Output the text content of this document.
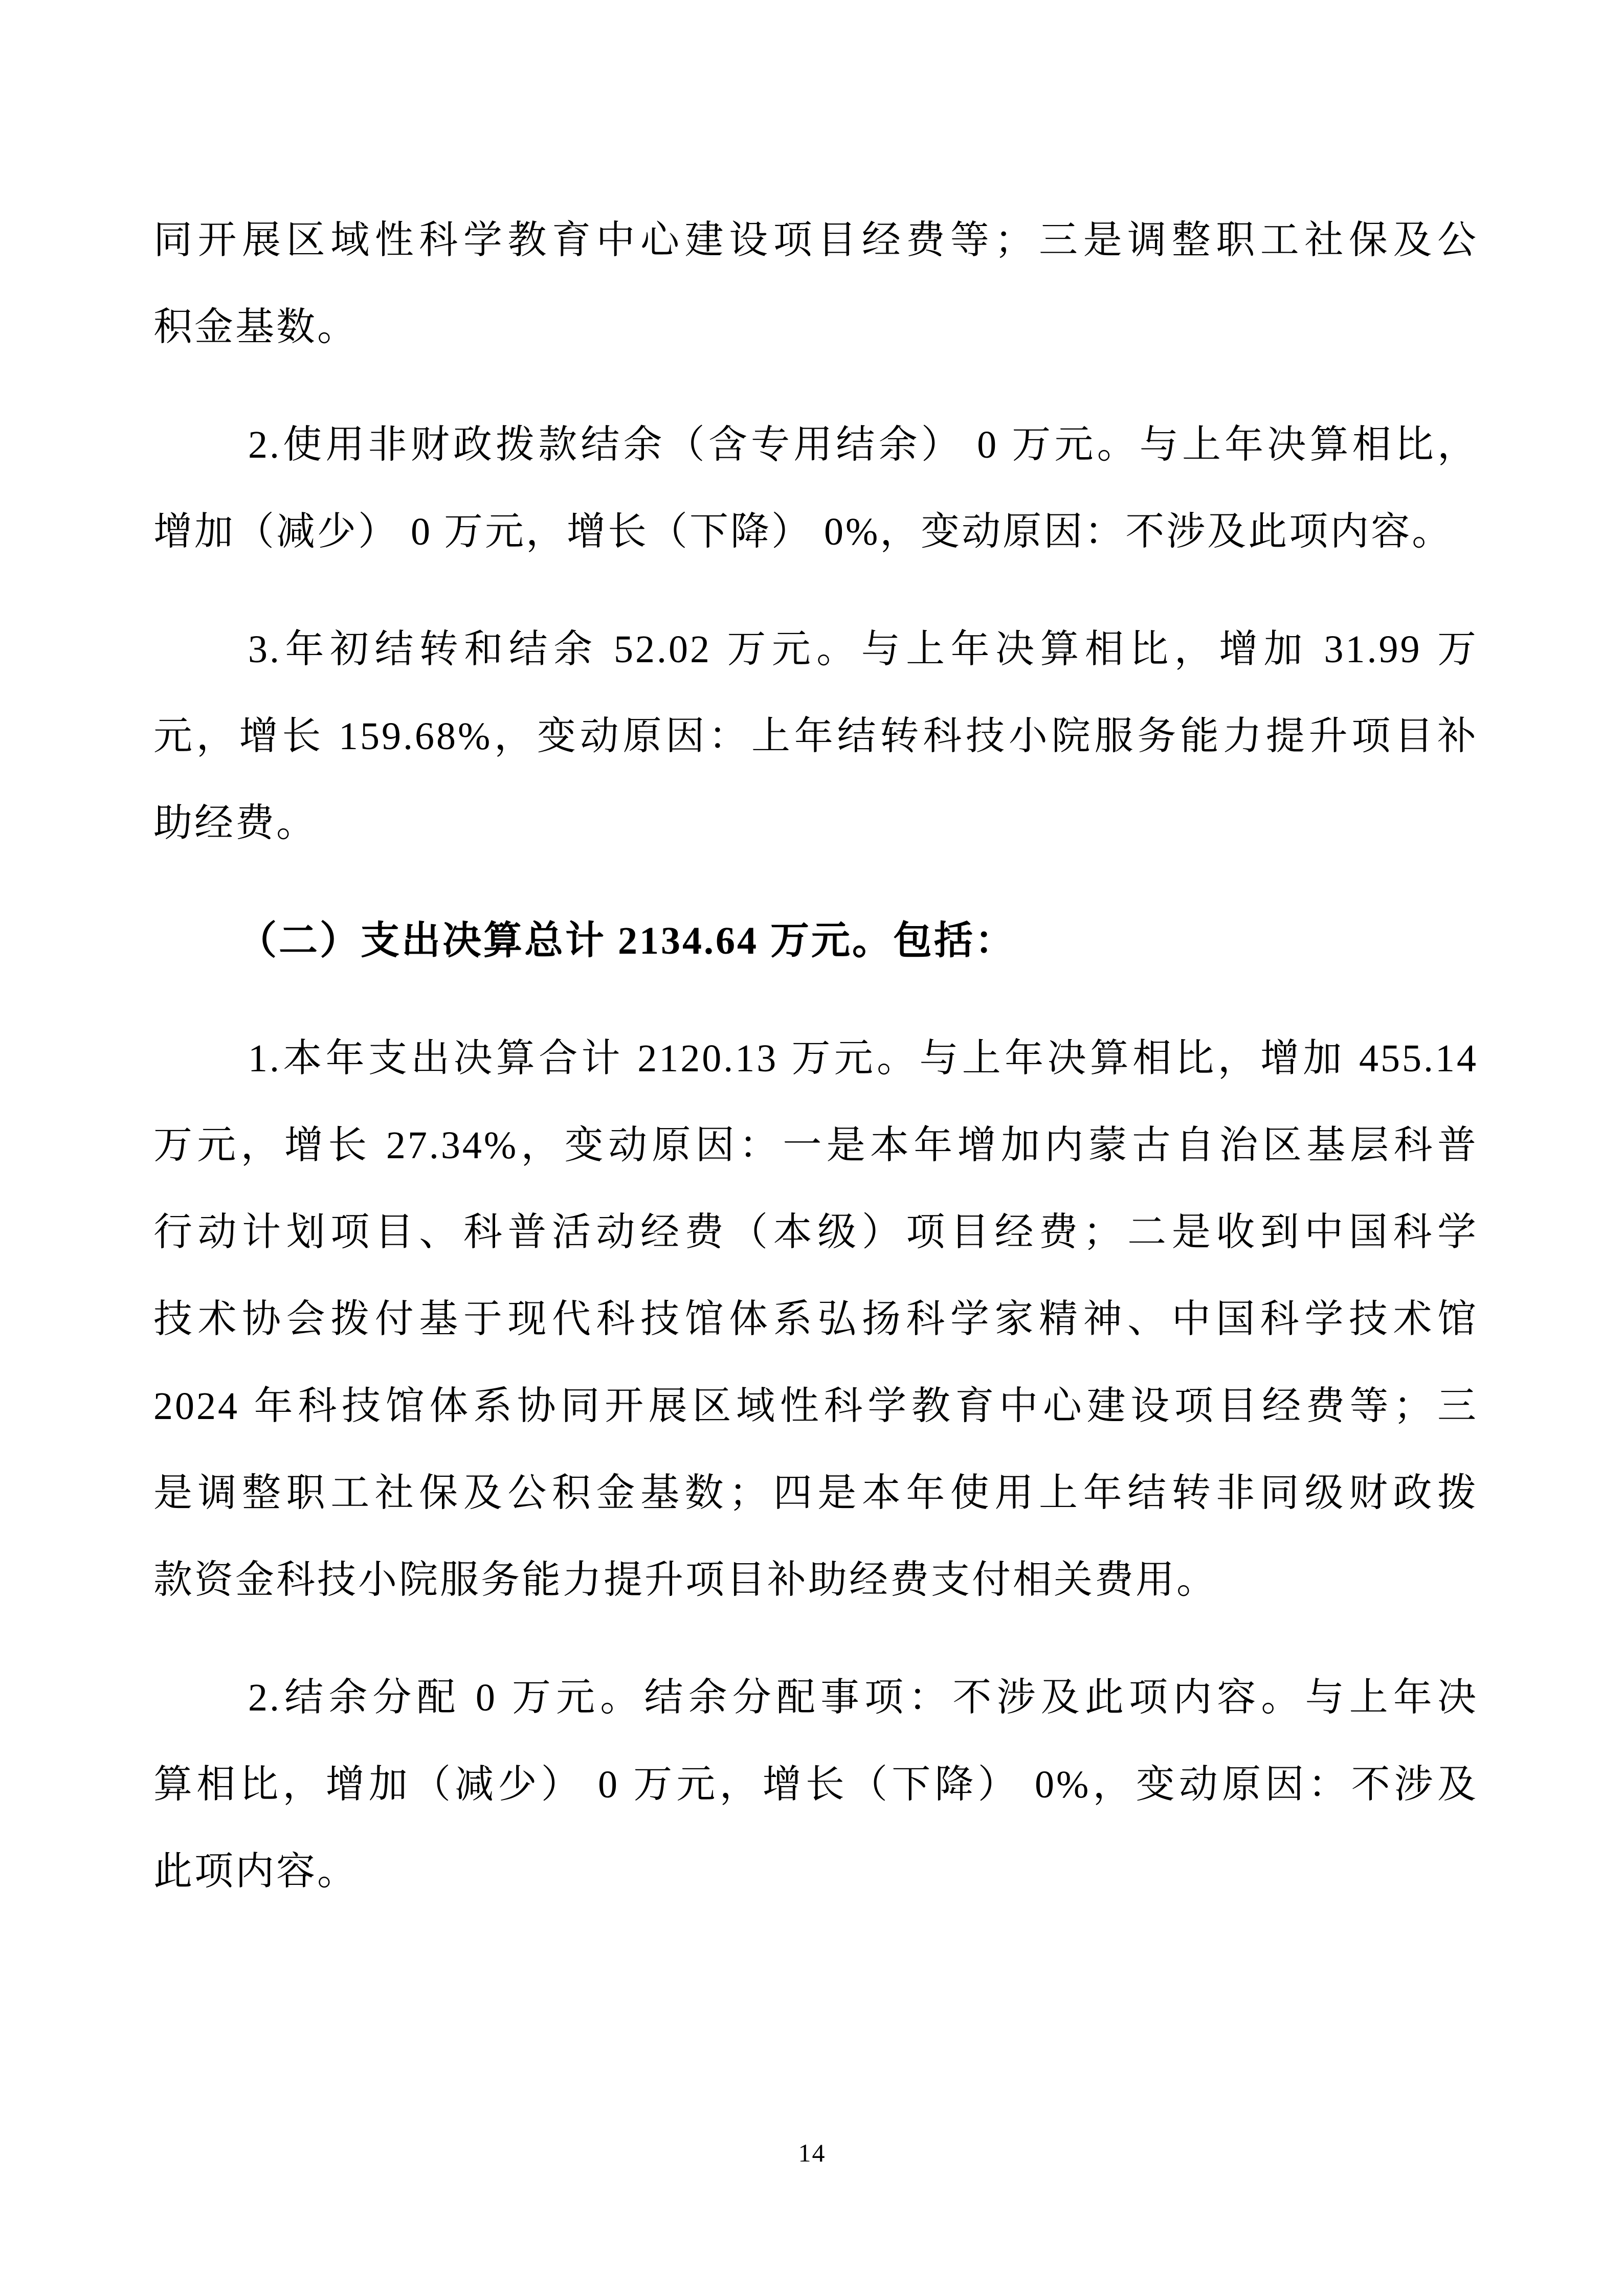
同开展区域性科学教育中心建设项目经费等；三是调整职工社保及公

积金基数。

2.使用非财政拨款结余（含专用结余） 0 万元。与上年决算相比，

增加（减少） 0 万元，增长（下降） 0%，变动原因：不涉及此项内容。

3.年初结转和结余 52.02 万元。与上年决算相比，增加 31.99 万

元，增长 159.68%，变动原因：上年结转科技小院服务能力提升项目补

助经费。

（二）支出决算总计 2134.64 万元。包括：

1.本年支出决算合计 2120.13 万元。与上年决算相比，增加 455.14

万元，增长 27.34%，变动原因：一是本年增加内蒙古自治区基层科普

行动计划项目、科普活动经费（本级）项目经费；二是收到中国科学

技术协会拨付基于现代科技馆体系弘扬科学家精神、中国科学技术馆

2024 年科技馆体系协同开展区域性科学教育中心建设项目经费等；三

是调整职工社保及公积金基数；四是本年使用上年结转非同级财政拨

款资金科技小院服务能力提升项目补助经费支付相关费用。

2.结余分配 0 万元。结余分配事项：不涉及此项内容。与上年决

算相比，增加（减少） 0 万元，增长（下降） 0%，变动原因：不涉及

此项内容。

14
